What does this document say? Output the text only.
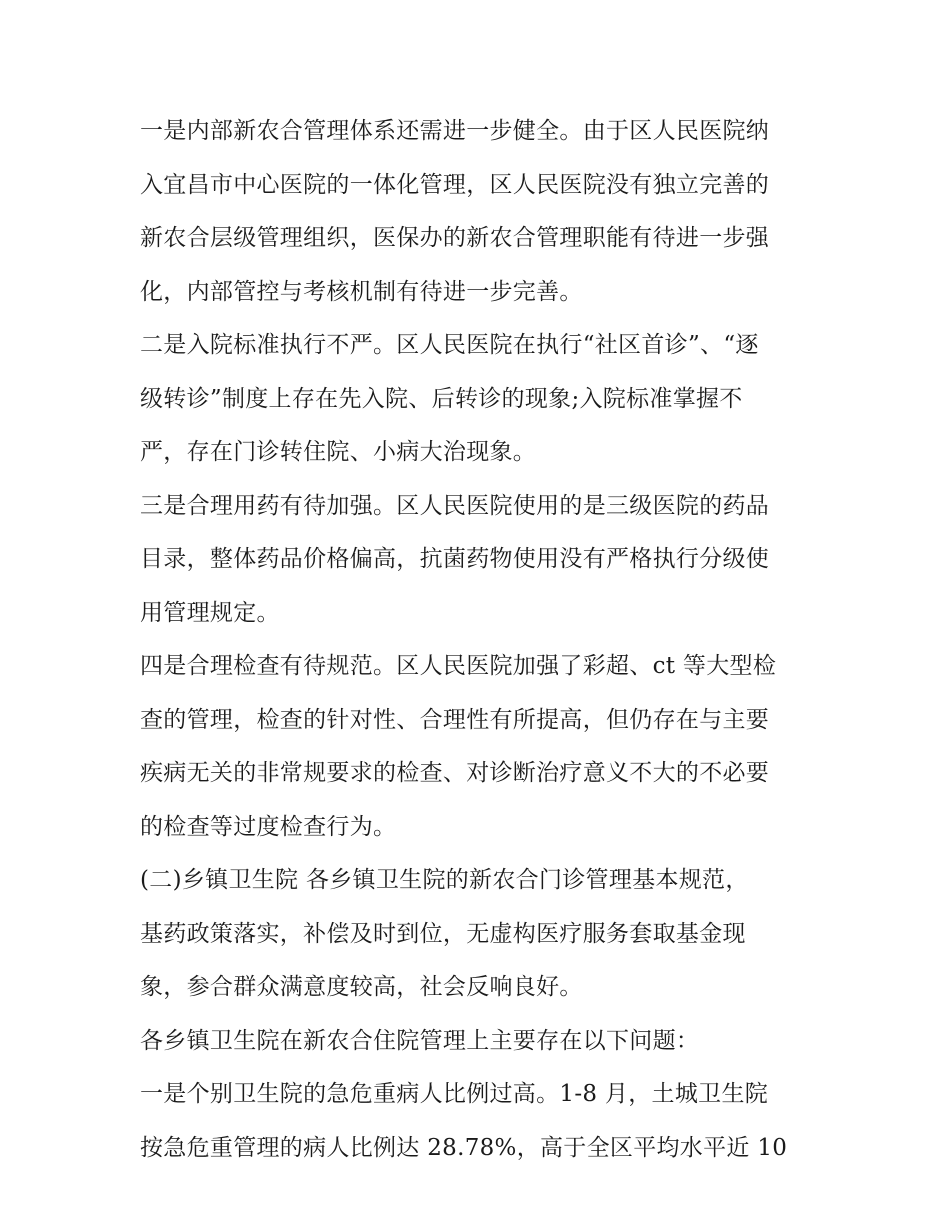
一是内部新农合管理体系还需进一步健全。由于区人民医院纳
入宜昌市中心医院的一体化管理，区人民医院没有独立完善的
新农合层级管理组织，医保办的新农合管理职能有待进一步强
化，内部管控与考核机制有待进一步完善。
二是入院标准执行不严。区人民医院在执行“社区首诊”、“逐
级转诊”制度上存在先入院、后转诊的现象;入院标准掌握不
严，存在门诊转住院、小病大治现象。
三是合理用药有待加强。区人民医院使用的是三级医院的药品
目录，整体药品价格偏高，抗菌药物使用没有严格执行分级使
用管理规定。
四是合理检查有待规范。区人民医院加强了彩超、ct 等大型检
查的管理，检查的针对性、合理性有所提高，但仍存在与主要
疾病无关的非常规要求的检查、对诊断治疗意义不大的不必要
的检查等过度检查行为。
(二)乡镇卫生院 各乡镇卫生院的新农合门诊管理基本规范，
基药政策落实，补偿及时到位，无虚构医疗服务套取基金现
象，参合群众满意度较高，社会反响良好。
各乡镇卫生院在新农合住院管理上主要存在以下问题：
一是个别卫生院的急危重病人比例过高。1-8 月，土城卫生院
按急危重管理的病人比例达 28.78%，高于全区平均水平近 10
